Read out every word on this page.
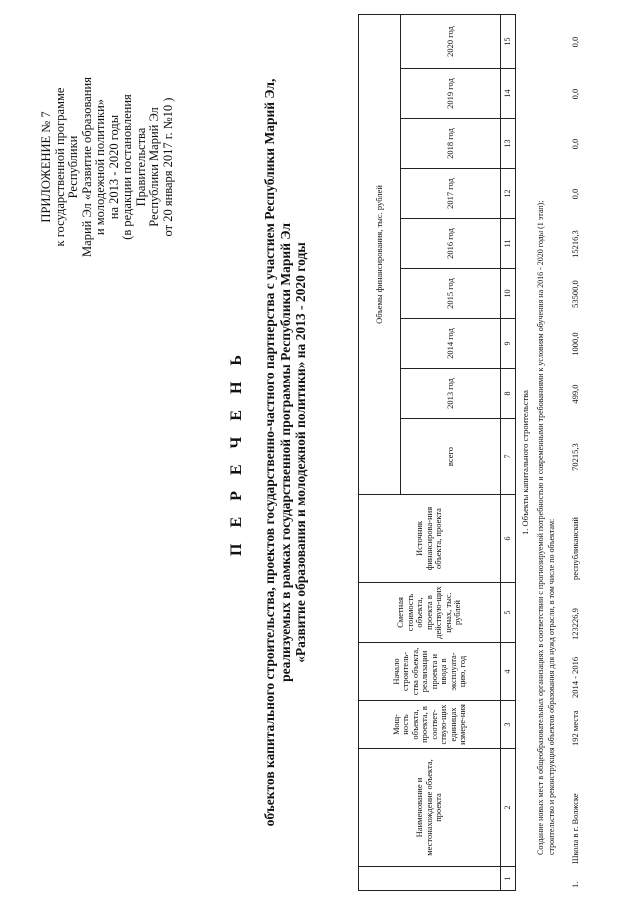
ПРИЛОЖЕНИЕ № 7 к государственной программе Республики Марий Эл «Развитие образования и молодежной политики» на 2013 - 2020 годы (в редакции постановления Правительства Республики Марий Эл от 20 января 2017 г. №10 )
П Е Р Е Ч Е Н Ь объектов капитального строительства, проектов государственно-частного партнерства с участием Республики Марий Эл, реализуемых в рамках государственной программы Республики Марий Эл «Развитие образования и молодежной политики» на 2013 - 2020 годы
	Наименование и местонахождение объекта, проекта	Мощ-ность объекта, проекта, в соответ-ствую-щих единицах измере-ния	Начало строитель-ства объекта, реализации проекта и ввода в эксплуата-цию, год	Сметная стоимость объекта, проекта в действую-щих ценах, тыс. рублей	Источник финансирова-ния объекта, проекта	Объемы финансирования, тыс. рублей								
						всего	2013 год	2014 год	2015 год	2016 год	2017 год	2018 год	2019 год	2020 год
1	2	3	4	5	6	7	8	9	10	11	12	13	14	15
1. Объекты капитального строительства Создание новых мест в общеобразовательных организациях в соответствии с прогнозируемой потребностью и современными требованиями к условиям обучения на 2016 - 2020 годы (1 этап); строительство и реконструкция объектов образования для нужд отрасли, в том числе по объектам:
1.	Школа в г. Волжске	192 места	2014 - 2016	123226,9	республиканский	70215,3	499,0	1000,0	53500,0	15216,3	0,0	0,0	0,0	0,0
